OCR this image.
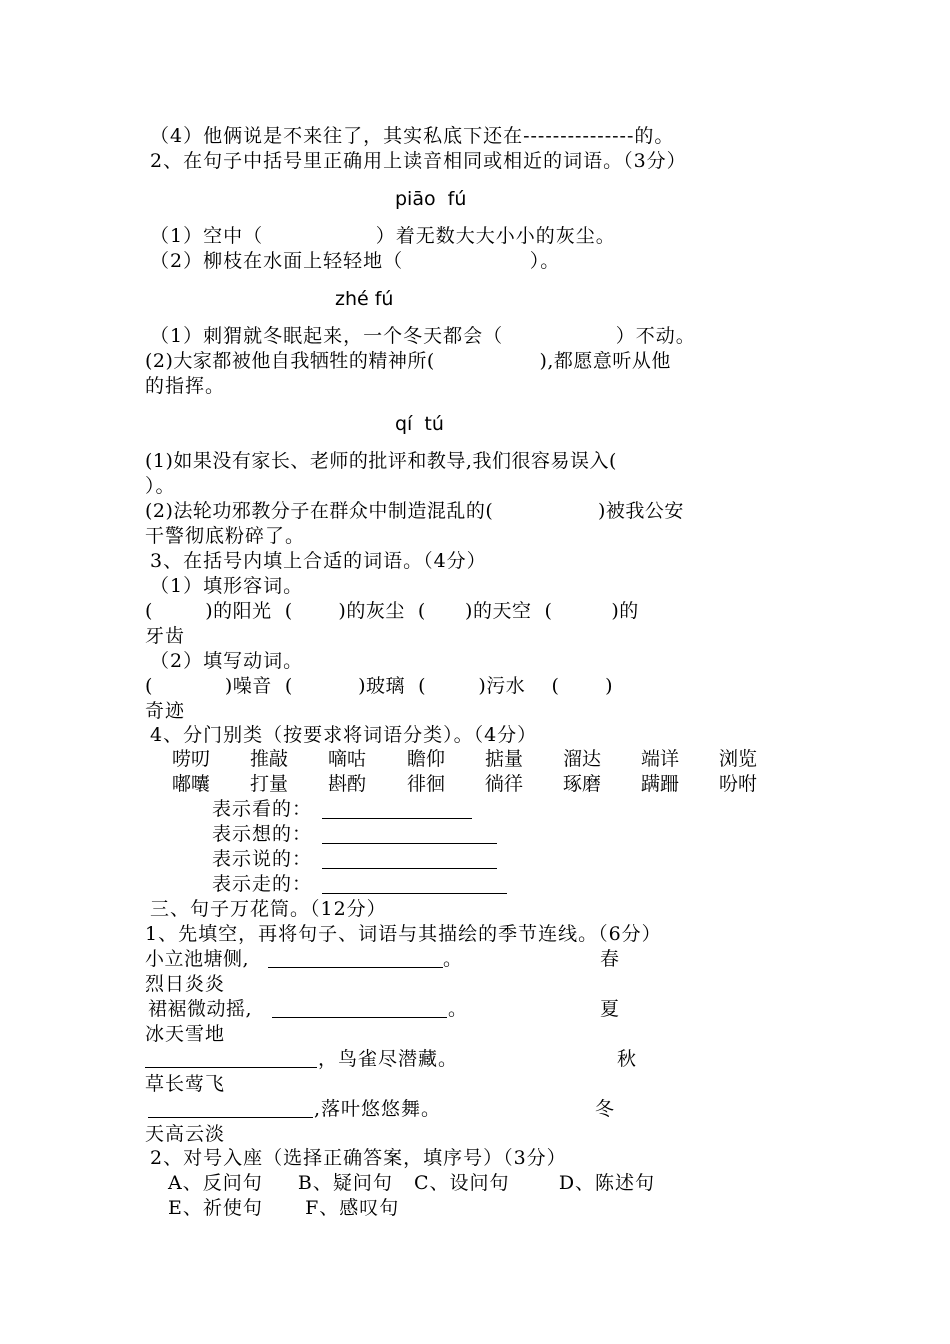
（4）他俩说是不来往了，其实私底下还在---------------的。
2、在句子中括号里正确用上读音相同或相近的词语。（3分）
piāo  fú
（1）空中（                ）着无数大大小小的灰尘。
（2）柳枝在水面上轻轻地（                  ）。
zhé fú
（1）刺猬就冬眠起来，一个冬天都会（                ）不动。
(2)大家都被他自我牺牲的精神所(                ),都愿意听从他
的指挥。
qí  tú
(1)如果没有家长、老师的批评和教导,我们很容易误入(
）。
(2)法轮功邪教分子在群众中制造混乱的(                )被我公安
干警彻底粉碎了。
3、在括号内填上合适的词语。（4分）
（1）填形容词。
(        )的阳光  (       )的灰尘  (      )的天空  (         )的
牙齿
（2）填写动词。
(           )噪音  (          )玻璃  (        )污水    (       )
奇迹
4、分门别类（按要求将词语分类）。（4分）
唠叨 推敲 嘀咕 瞻仰 掂量 溜达 端详 浏览
嘟囔 打量 斟酌 徘徊 徜徉 琢磨 蹒跚 吩咐
表示看的：
表示想的：
表示说的：
表示走的：
三、句子万花筒。（12分）
1、先填空，再将句子、词语与其描绘的季节连线。（6分）
小立池塘侧,	。	春
烈日炎炎
裙裾微动摇,	。	夏
冰天雪地
，鸟雀尽潜藏。	秋
草长莺飞
,落叶悠悠舞。	冬
天高云淡
2、对号入座（选择正确答案，填序号）（3分）
A、反问句     B、疑问句   C、设问句       D、陈述句
E、祈使句      F、感叹句
